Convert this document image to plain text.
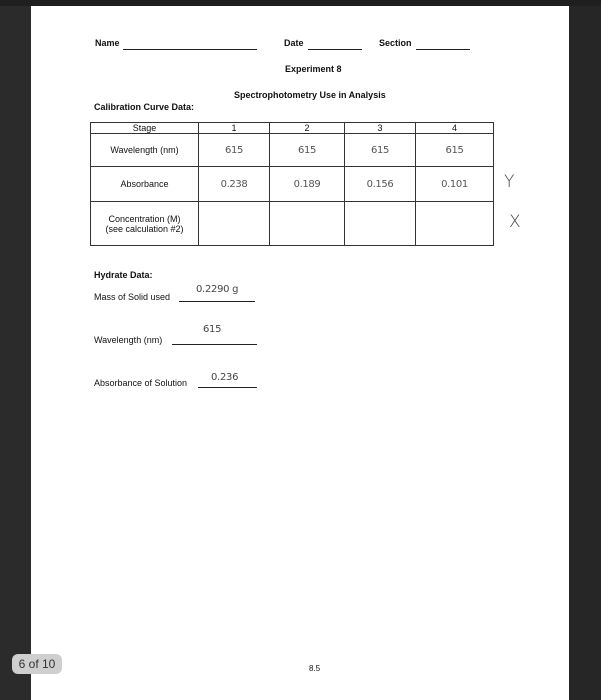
Name	Date	Section
Experiment 8
Spectrophotometry Use in Analysis
Calibration Curve Data:
Stage	1	2	3	4
Wavelength (nm)	615	615	615	615
Absorbance	0.238	0.189	0.156	0.101
Concentration (M)
(see calculation #2)				
Y
X
Hydrate Data:
Mass of Solid used
0.2290 g
Wavelength (nm)
615
Absorbance of Solution 0.236
8.5
6 of 10
